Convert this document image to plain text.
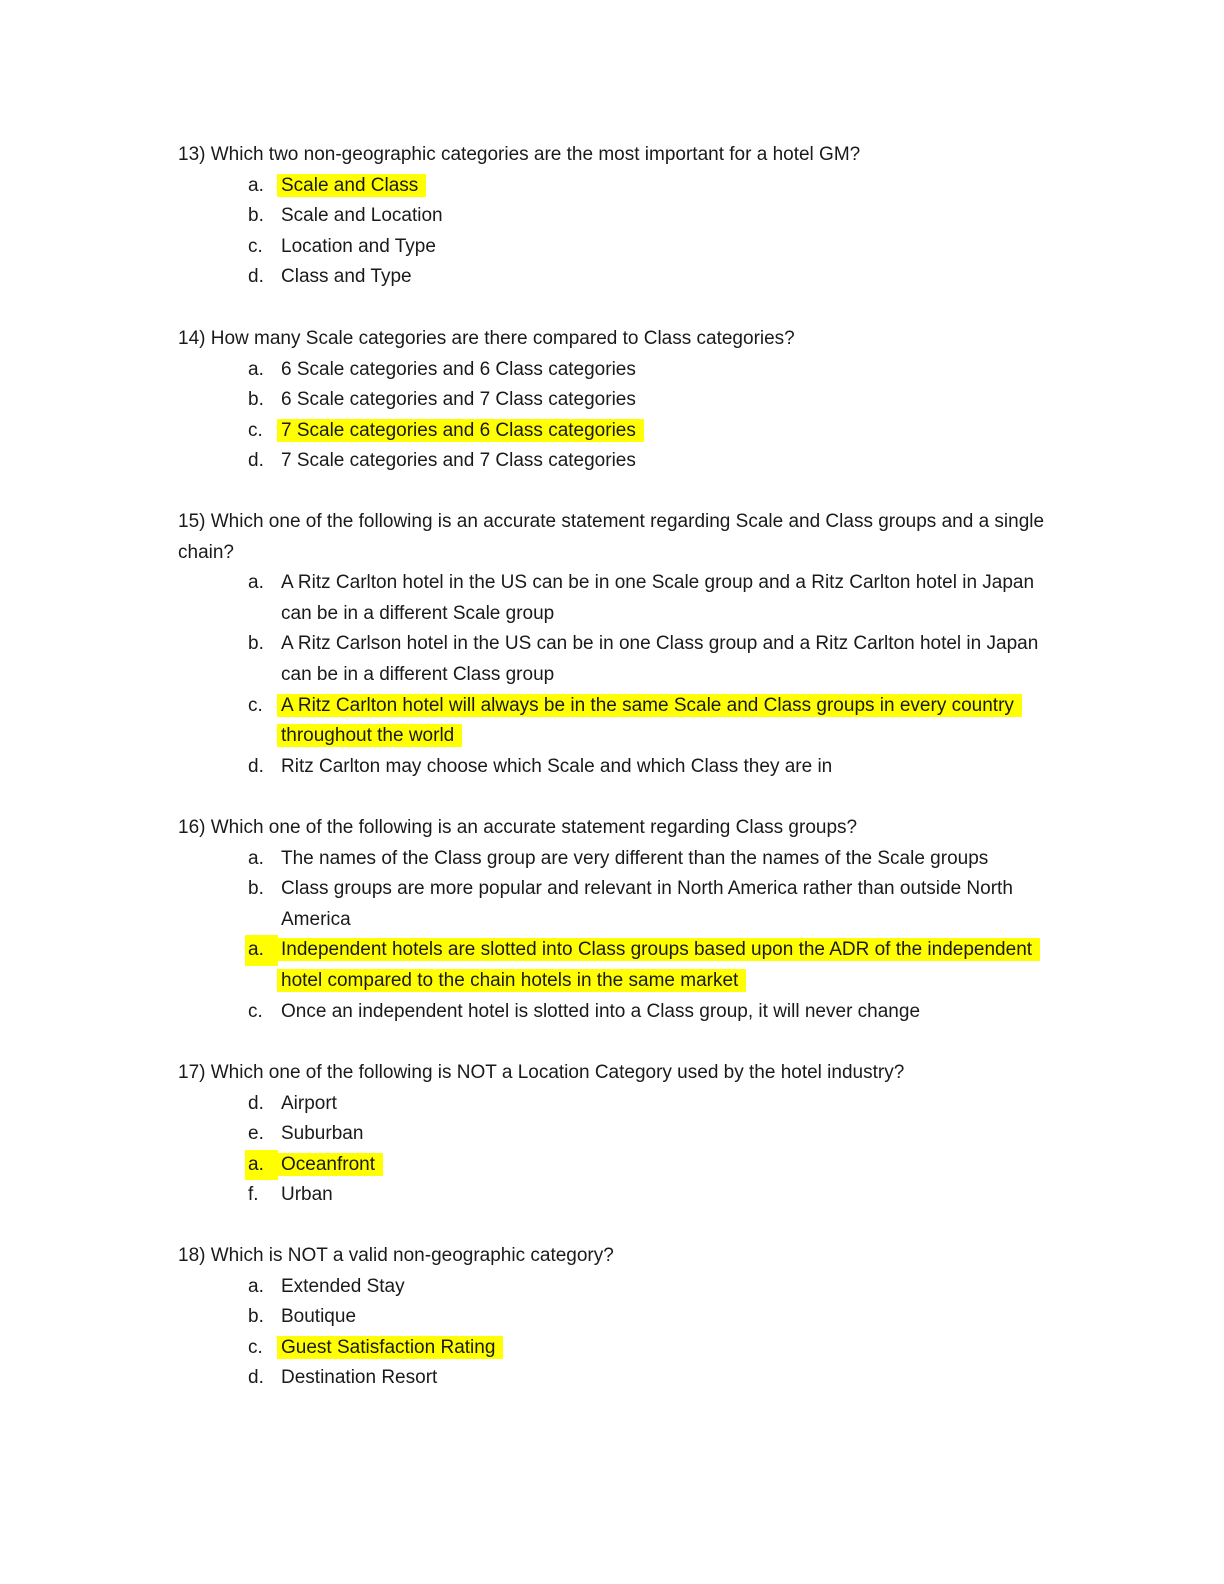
13) Which two non-geographic categories are the most important for a hotel GM?
a. Scale and Class
b. Scale and Location
c. Location and Type
d. Class and Type
14) How many Scale categories are there compared to Class categories?
a. 6 Scale categories and 6 Class categories
b. 6 Scale categories and 7 Class categories
c. 7 Scale categories and 6 Class categories
d. 7 Scale categories and 7 Class categories
15) Which one of the following is an accurate statement regarding Scale and Class groups and a single chain?
a. A Ritz Carlton hotel in the US can be in one Scale group and a Ritz Carlton hotel in Japan can be in a different Scale group
b. A Ritz Carlson hotel in the US can be in one Class group and a Ritz Carlton hotel in Japan can be in a different Class group
c. A Ritz Carlton hotel will always be in the same Scale and Class groups in every country throughout the world
d. Ritz Carlton may choose which Scale and which Class they are in
16) Which one of the following is an accurate statement regarding Class groups?
a. The names of the Class group are very different than the names of the Scale groups
b. Class groups are more popular and relevant in North America rather than outside North America
a. Independent hotels are slotted into Class groups based upon the ADR of the independent hotel compared to the chain hotels in the same market
c. Once an independent hotel is slotted into a Class group, it will never change
17) Which one of the following is NOT a Location Category used by the hotel industry?
d. Airport
e. Suburban
a. Oceanfront
f.	Urban
18) Which is NOT a valid non-geographic category?
a. Extended Stay
b. Boutique
c. Guest Satisfaction Rating
d. Destination Resort
